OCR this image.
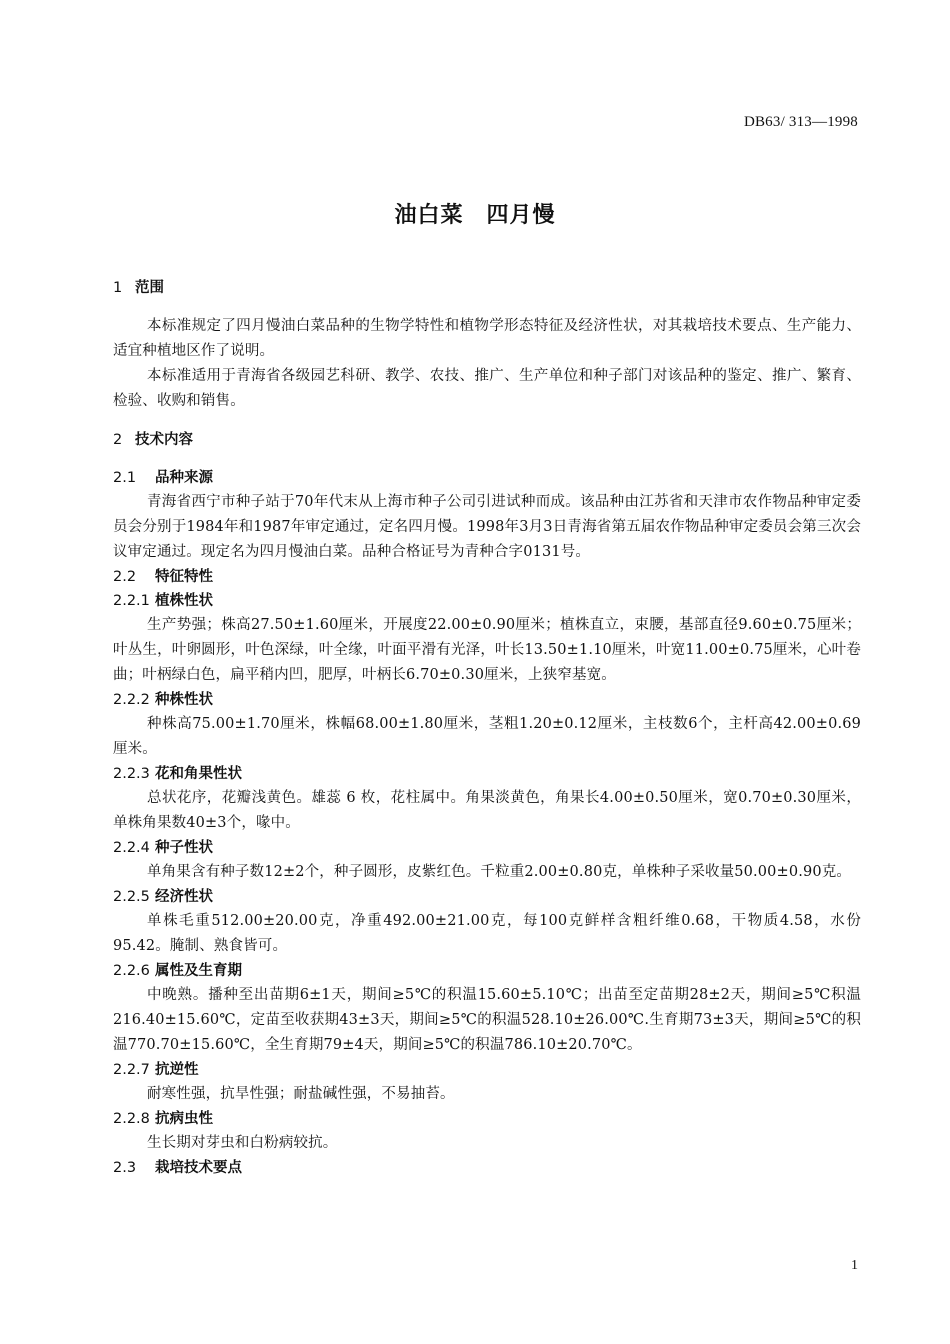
DB63/ 313—1998
油白菜　四月慢
1 范围
本标准规定了四月慢油白菜品种的生物学特性和植物学形态特征及经济性状，对其栽培技术要点、生产能力、适宜种植地区作了说明。
本标准适用于青海省各级园艺科研、教学、农技、推广、生产单位和种子部门对该品种的鉴定、推广、繁育、检验、收购和销售。
2 技术内容
2.1 品种来源
青海省西宁市种子站于70年代末从上海市种子公司引进试种而成。该品种由江苏省和天津市农作物品种审定委员会分别于1984年和1987年审定通过，定名四月慢。1998年3月3日青海省第五届农作物品种审定委员会第三次会议审定通过。现定名为四月慢油白菜。品种合格证号为青种合字0131号。
2.2 特征特性
2.2.1 植株性状
生产势强；株高27.50±1.60厘米，开展度22.00±0.90厘米；植株直立，束腰，基部直径9.60±0.75厘米；叶丛生，叶卵圆形，叶色深绿，叶全缘，叶面平滑有光泽，叶长13.50±1.10厘米，叶宽11.00±0.75厘米，心叶卷曲；叶柄绿白色，扁平稍内凹，肥厚，叶柄长6.70±0.30厘米，上狭窄基宽。
2.2.2 种株性状
种株高75.00±1.70厘米，株幅68.00±1.80厘米，茎粗1.20±0.12厘米，主枝数6个，主杆高42.00±0.69厘米。
2.2.3 花和角果性状
总状花序，花瓣浅黄色。雄蕊 6 枚，花柱属中。角果淡黄色，角果长4.00±0.50厘米，宽0.70±0.30厘米，单株角果数40±3个，喙中。
2.2.4 种子性状
单角果含有种子数12±2个，种子圆形，皮紫红色。千粒重2.00±0.80克，单株种子采收量50.00±0.90克。
2.2.5 经济性状
单株毛重512.00±20.00克，净重492.00±21.00克，每100克鲜样含粗纤维0.68，干物质4.58，水份95.42。腌制、熟食皆可。
2.2.6 属性及生育期
中晚熟。播种至出苗期6±1天，期间≥5℃的积温15.60±5.10℃；出苗至定苗期28±2天，期间≥5℃积温216.40±15.60℃，定苗至收获期43±3天，期间≥5℃的积温528.10±26.00℃.生育期73±3天，期间≥5℃的积温770.70±15.60℃，全生育期79±4天，期间≥5℃的积温786.10±20.70℃。
2.2.7 抗逆性
耐寒性强，抗旱性强；耐盐碱性强，不易抽苔。
2.2.8 抗病虫性
生长期对芽虫和白粉病较抗。
2.3 栽培技术要点
1
